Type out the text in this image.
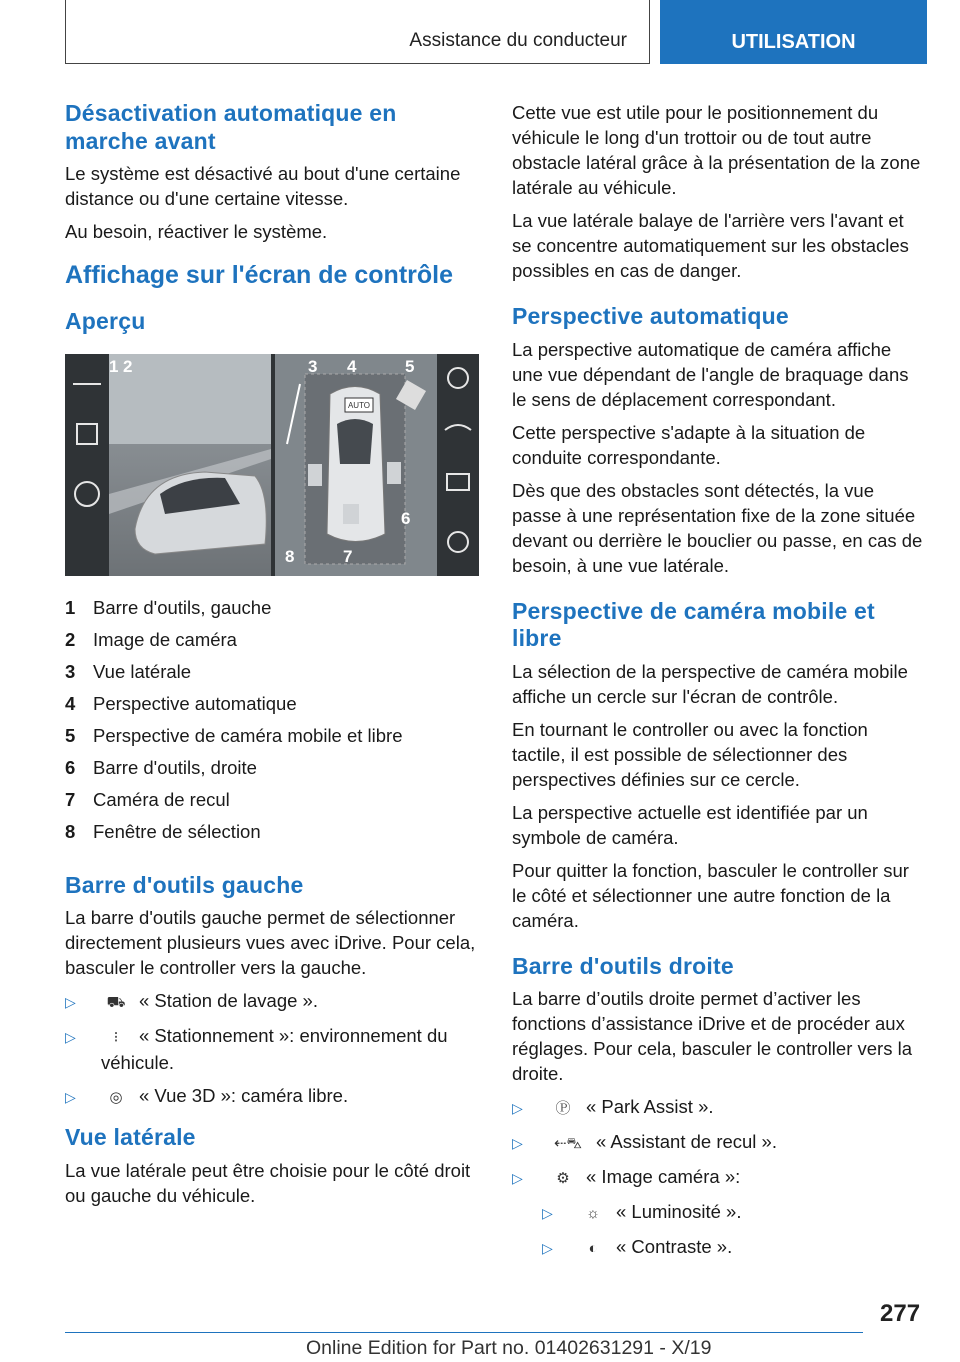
Assistance du conducteur	UTILISATION
Désactivation automatique en marche avant

Le système est désactivé au bout d'une certaine distance ou d'une certaine vitesse.

Au besoin, réactiver le système.

Affichage sur l'écran de contrôle
Aperçu
AUTO
1 2	3 4	5
6
7
8
1 Barre d'outils, gauche
2 Image de caméra
3 Vue latérale
4 Perspective automatique
5 Perspective de caméra mobile et libre
6 Barre d'outils, droite
7 Caméra de recul
8 Fenêtre de sélection
Barre d'outils gauche

La barre d'outils gauche permet de sélectionner directement plusieurs vues avec iDrive. Pour cela, basculer le controller vers la gauche.

▷	⛟ « Station de lavage ».
▷	⁝ « Stationnement »: environnement du véhicule.
▷	◎ « Vue 3D »: caméra libre.
Vue latérale

La vue latérale peut être choisie pour le côté droit ou gauche du véhicule.

Cette vue est utile pour le positionnement du véhicule le long d'un trottoir ou de tout autre obstacle latéral grâce à la présentation de la zone latérale au véhicule.

La vue latérale balaye de l'arrière vers l'avant et se concentre automatiquement sur les obstacles possibles en cas de danger.

Perspective automatique

La perspective automatique de caméra affiche une vue dépendant de l'angle de braquage dans le sens de déplacement correspondant.

Cette perspective s'adapte à la situation de conduite correspondante.

Dès que des obstacles sont détectés, la vue passe à une représentation fixe de la zone située devant ou derrière le bouclier ou passe, en cas de besoin, à une vue latérale.

Perspective de caméra mobile et libre

La sélection de la perspective de caméra mobile affiche un cercle sur l'écran de contrôle.

En tournant le controller ou avec la fonction tactile, il est possible de sélectionner des perspectives définies sur ce cercle.

La perspective actuelle est identifiée par un symbole de caméra.

Pour quitter la fonction, basculer le controller sur le côté et sélectionner une autre fonction de la caméra.

Barre d'outils droite

La barre d’outils droite permet d’activer les fonctions d’assistance iDrive et de procéder aux réglages. Pour cela, basculer le controller vers la droite.

▷	Ⓟ « Park Assist ».
▷	⇠⛍ « Assistant de recul ».
▷	⚙ « Image caméra »:
▷	☼ « Luminosité ».
▷	◐ « Contraste ».
277
Online Edition for Part no. 01402631291 - X/19
